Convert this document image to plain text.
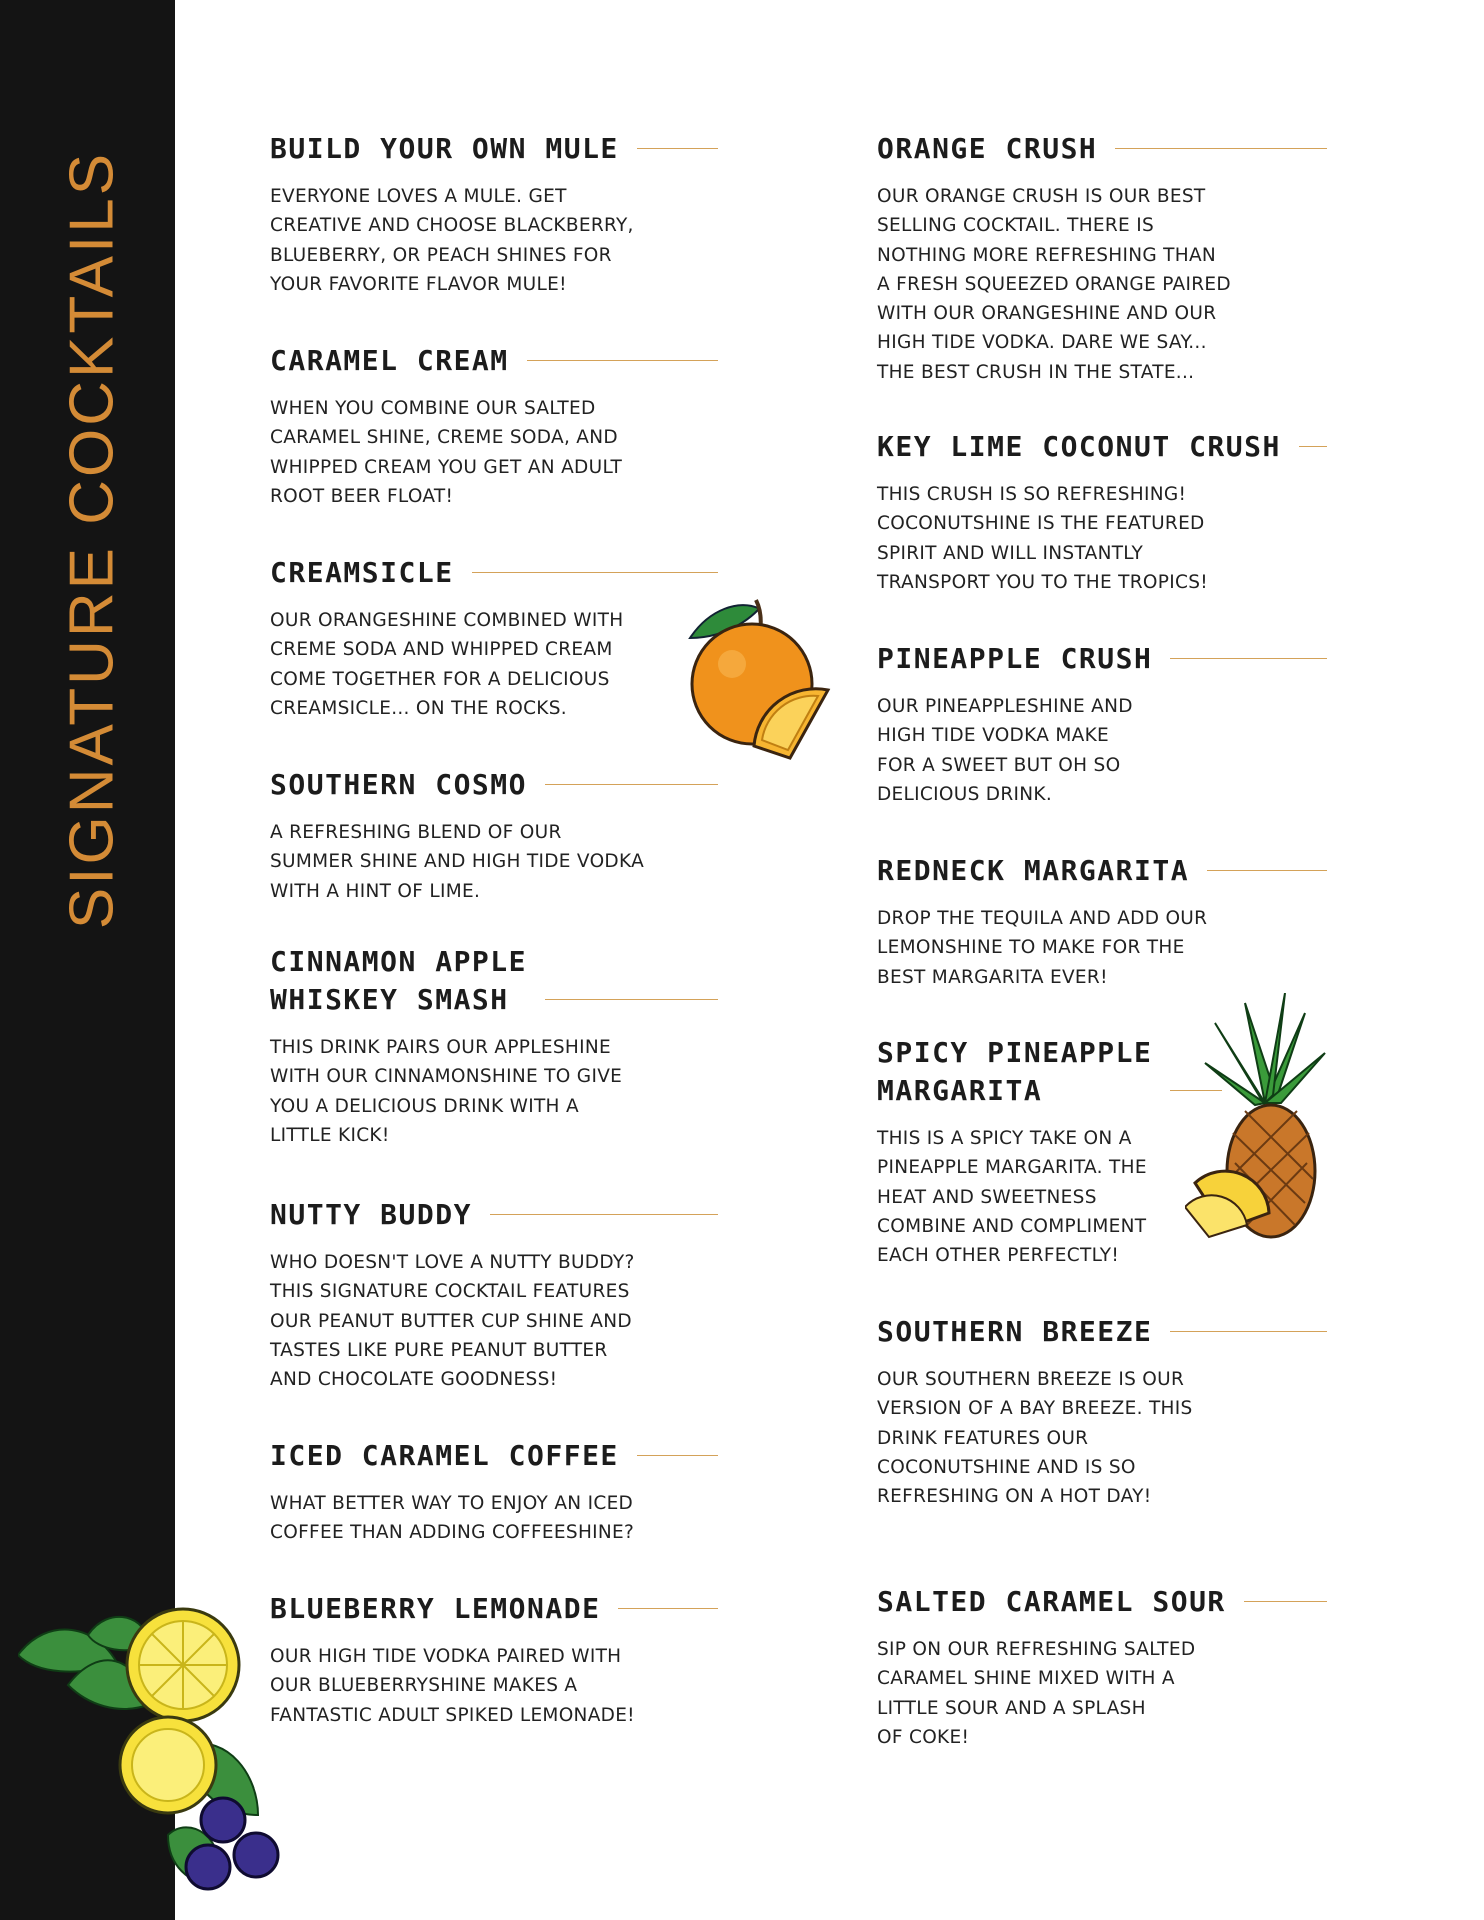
SIGNATURE COCKTAILS
BUILD YOUR OWN MULE
EVERYONE LOVES A MULE. GET
CREATIVE AND CHOOSE BLACKBERRY,
BLUEBERRY, OR PEACH SHINES FOR
YOUR FAVORITE FLAVOR MULE!
CARAMEL CREAM
WHEN YOU COMBINE OUR SALTED
CARAMEL SHINE, CREME SODA, AND
WHIPPED CREAM YOU GET AN ADULT
ROOT BEER FLOAT!
CREAMSICLE
OUR ORANGESHINE COMBINED WITH
CREME SODA AND WHIPPED CREAM
COME TOGETHER FOR A DELICIOUS
CREAMSICLE... ON THE ROCKS.
SOUTHERN COSMO
A REFRESHING BLEND OF OUR
SUMMER SHINE AND HIGH TIDE VODKA
WITH A HINT OF LIME.
CINNAMON APPLE
WHISKEY SMASH
THIS DRINK PAIRS OUR APPLESHINE
WITH OUR CINNAMONSHINE TO GIVE
YOU A DELICIOUS DRINK WITH A
LITTLE KICK!
NUTTY BUDDY
WHO DOESN'T LOVE A NUTTY BUDDY?
THIS SIGNATURE COCKTAIL FEATURES
OUR PEANUT BUTTER CUP SHINE AND
TASTES LIKE PURE PEANUT BUTTER
AND CHOCOLATE GOODNESS!
ICED CARAMEL COFFEE
WHAT BETTER WAY TO ENJOY AN ICED
COFFEE THAN ADDING COFFEESHINE?
BLUEBERRY LEMONADE
OUR HIGH TIDE VODKA PAIRED WITH
OUR BLUEBERRYSHINE MAKES A
FANTASTIC ADULT SPIKED LEMONADE!
ORANGE CRUSH
OUR ORANGE CRUSH IS OUR BEST
SELLING COCKTAIL. THERE IS
NOTHING MORE REFRESHING THAN
A FRESH SQUEEZED ORANGE PAIRED
WITH OUR ORANGESHINE AND OUR
HIGH TIDE VODKA. DARE WE SAY...
THE BEST CRUSH IN THE STATE...
KEY LIME COCONUT CRUSH
THIS CRUSH IS SO REFRESHING!
COCONUTSHINE IS THE FEATURED
SPIRIT AND WILL INSTANTLY
TRANSPORT YOU TO THE TROPICS!
PINEAPPLE CRUSH
OUR PINEAPPLESHINE AND
HIGH TIDE VODKA MAKE
FOR A SWEET BUT OH SO
DELICIOUS DRINK.
REDNECK MARGARITA
DROP THE TEQUILA AND ADD OUR
LEMONSHINE TO MAKE FOR THE
BEST MARGARITA EVER!
SPICY PINEAPPLE
MARGARITA
THIS IS A SPICY TAKE ON A
PINEAPPLE MARGARITA. THE
HEAT AND SWEETNESS
COMBINE AND COMPLIMENT
EACH OTHER PERFECTLY!
SOUTHERN BREEZE
OUR SOUTHERN BREEZE IS OUR
VERSION OF A BAY BREEZE. THIS
DRINK FEATURES OUR
COCONUTSHINE AND IS SO
REFRESHING ON A HOT DAY!
SALTED CARAMEL SOUR
SIP ON OUR REFRESHING SALTED
CARAMEL SHINE MIXED WITH A
LITTLE SOUR AND A SPLASH
OF COKE!
